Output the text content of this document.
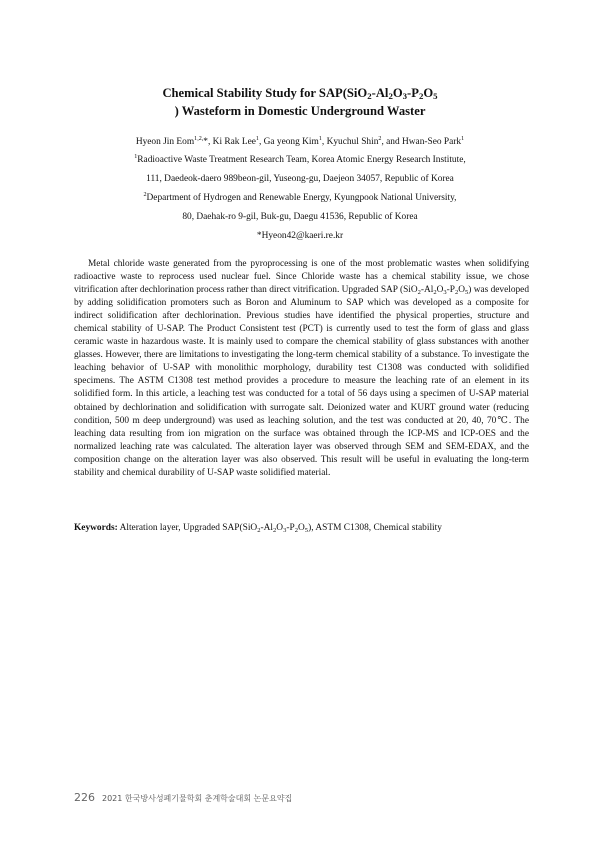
Chemical Stability Study for $SAP(SiO_2-Al_2O_3-P_2O_5$
) Wasteform in Domestic Underground Waster
Hyeon Jin Eom$^{1,2,}$*, Ki Rak Lee$^1$, Ga yeong Kim$^1$, Kyuchul Shin$^2$, and Hwan-Seo Park$^1$
$^1$Radioactive Waste Treatment Research Team, Korea Atomic Energy Research Institute,
111, Daedeok-daero 989beon-gil, Yuseong-gu, Daejeon 34057, Republic of Korea
$^2$Department of Hydrogen and Renewable Energy, Kyungpook National University,
80, Daehak-ro 9-gil, Buk-gu, Daegu 41536, Republic of Korea
*Hyeon42@kaeri.re.kr

Metal chloride waste generated from the pyroprocessing is one of the most problematic wastes when solidifying radioactive waste to reprocess used nuclear fuel. Since Chloride waste has a chemical stability issue, we chose vitrification after dechlorination process rather than direct vitrification. Upgraded SAP $(SiO_2-Al_2O_3-P_2O_5)$ was developed by adding solidification promoters such as Boron and Aluminum to SAP which was developed as a composite for indirect solidification after dechlorination. Previous studies have identified the physical properties, structure and chemical stability of U-SAP. The Product Consistent test (PCT) is currently used to test the form of glass and glass ceramic waste in hazardous waste. It is mainly used to compare the chemical stability of glass substances with another glasses. However, there are limitations to investigating the long-term chemical stability of a substance. To investigate the leaching behavior of U-SAP with monolithic morphology, durability test C1308 was conducted with solidified specimens. The ASTM C1308 test method provides a procedure to measure the leaching rate of an element in its solidified form. In this article, a leaching test was conducted for a total of 56 days using a specimen of U-SAP material obtained by dechlorination and solidification with surrogate salt. Deionized water and KURT ground water (reducing condition, 500 m deep underground) was used as leaching solution, and the test was conducted at 20, 40, 70℃. The leaching data resulting from ion migration on the surface was obtained through the ICP-MS and ICP-OES and the normalized leaching rate was calculated. The alteration layer was observed through SEM and SEM-EDAX, and the composition change on the alteration layer was also observed. This result will be useful in evaluating the long-term stability and chemical durability of U-SAP waste solidified material.

Keywords: Alteration layer, Upgraded $SAP(SiO_2-Al_2O_3-P_2O_5)$, ASTM C1308, Chemical stability
226 2021 한국방사성폐기물학회 춘계학술대회 논문요약집
